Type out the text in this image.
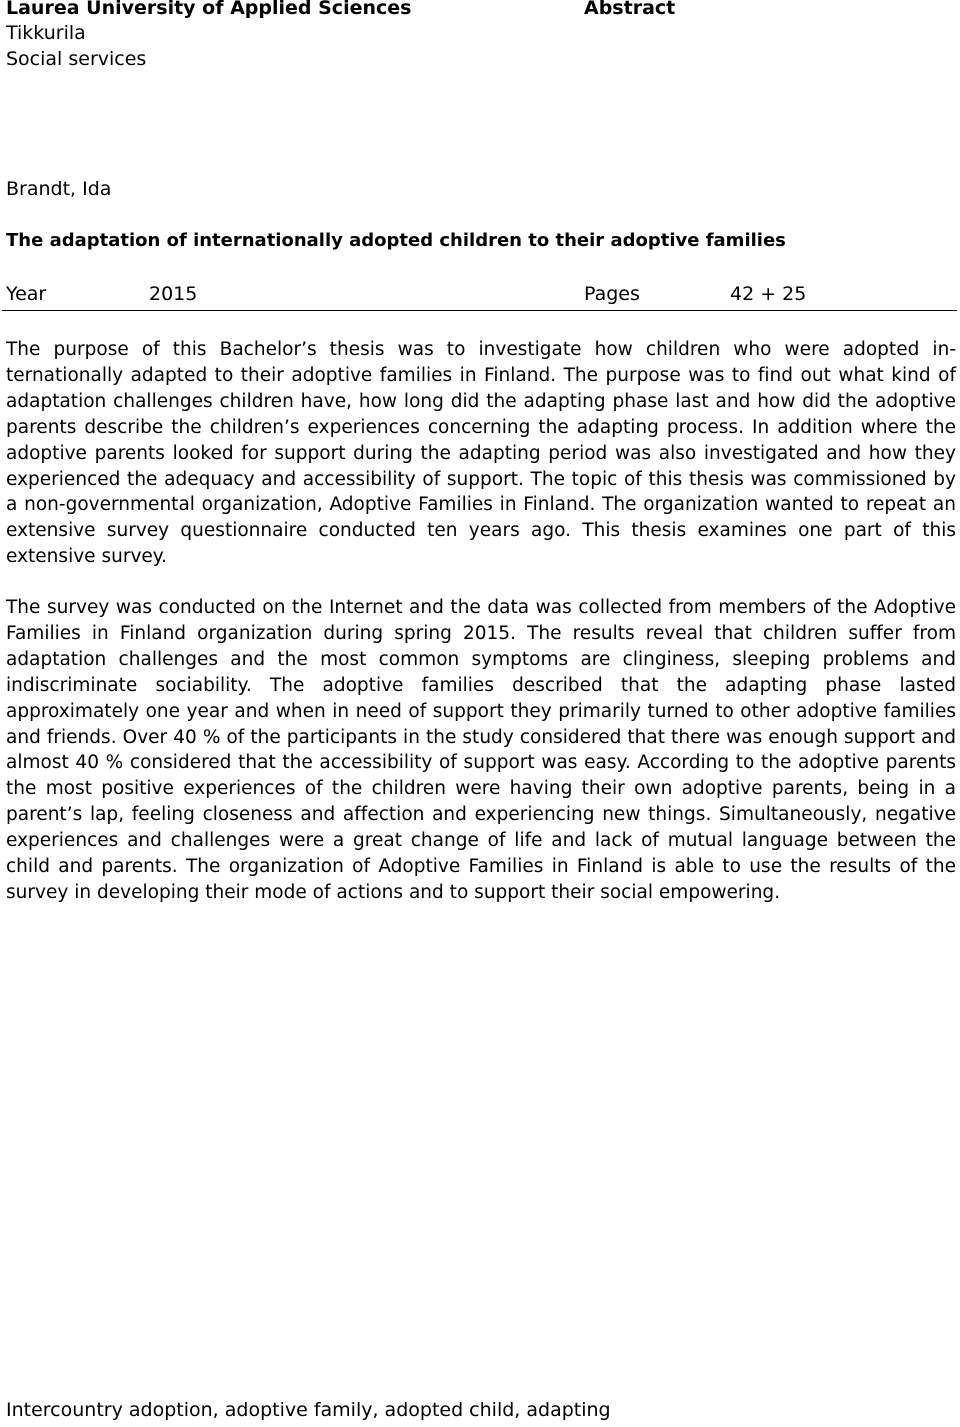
Laurea University of Applied Sciences
Tikkurila
Social services
Abstract
Brandt, Ida
The adaptation of internationally adopted children to their adoptive families
Year	2015	Pages	42 + 25

The purpose of this Bachelor’s thesis was to investigate how children who were adopted internationally adapted to their adoptive families in Finland. The purpose was to find out what kind of adaptation challenges children have, how long did the adapting phase last and how did the adoptive parents describe the children’s experiences concerning the adapting process. In addition where the adoptive parents looked for support during the adapting period was also investigated and how they experienced the adequacy and accessibility of support. The topic of this thesis was commissioned by a non-governmental organization, Adoptive Families in Finland. The organization wanted to repeat an extensive survey questionnaire conducted ten years ago. This thesis examines one part of this extensive survey.

The survey was conducted on the Internet and the data was collected from members of the Adoptive Families in Finland organization during spring 2015. The results reveal that children suffer from adaptation challenges and the most common symptoms are clinginess, sleeping problems and indiscriminate sociability. The adoptive families described that the adapting phase lasted approximately one year and when in need of support they primarily turned to other adoptive families and friends. Over 40 % of the participants in the study considered that there was enough support and almost 40 % considered that the accessibility of support was easy. According to the adoptive parents the most positive experiences of the children were having their own adoptive parents, being in a parent’s lap, feeling closeness and affection and experiencing new things. Simultaneously, negative experiences and challenges were a great change of life and lack of mutual language between the child and parents. The organization of Adoptive Families in Finland is able to use the results of the survey in developing their mode of actions and to support their social empowering.

Intercountry adoption, adoptive family, adopted child, adapting
